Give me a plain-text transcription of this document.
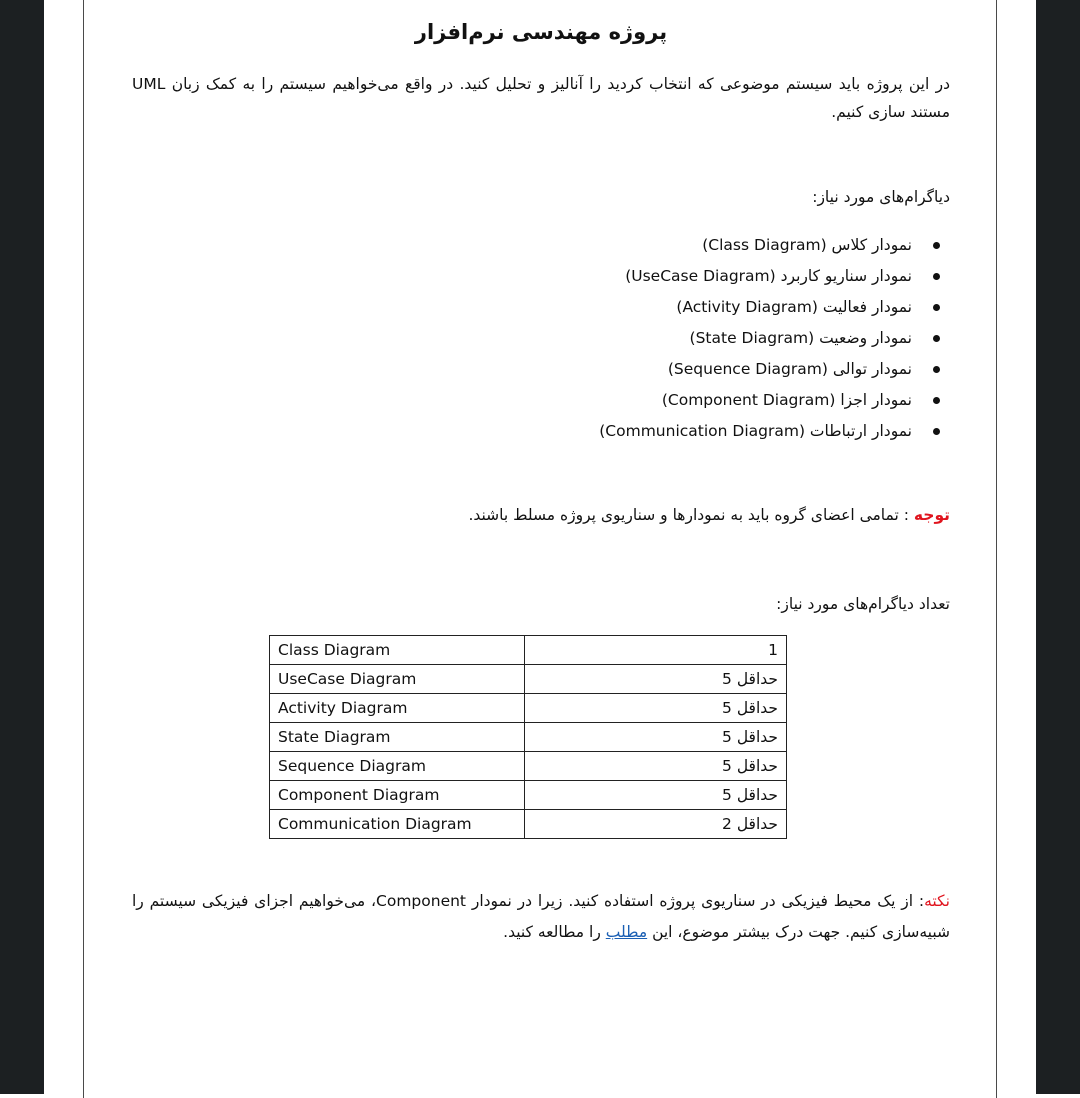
پروژه مهندسی نرم‌افزار
در این پروژه باید سیستم موضوعی که انتخاب کردید را آنالیز و تحلیل کنید. در واقع می‌خواهیم سیستم را به کمک زبان UML مستند سازی کنیم.
دیاگرام‌های مورد نیاز:
نمودار کلاس (Class Diagram)
نمودار سناریو کاربرد (UseCase Diagram)
نمودار فعالیت (Activity Diagram)
نمودار وضعیت (State Diagram)
نمودار توالی (Sequence Diagram)
نمودار اجزا (Component Diagram)
نمودار ارتباطات (Communication Diagram)
توجه : تمامی اعضای گروه باید به نمودارها و سناریوی پروژه مسلط باشند.
تعداد دیاگرام‌های مورد نیاز:
Class Diagram	1
UseCase Diagram	حداقل 5
Activity Diagram	حداقل 5
State Diagram	حداقل 5
Sequence Diagram	حداقل 5
Component Diagram	حداقل 5
Communication Diagram	حداقل 2
نکته: از یک محیط فیزیکی در سناریوی پروژه استفاده کنید. زیرا در نمودار Component، می‌خواهیم اجزای فیزیکی سیستم را شبیه‌سازی کنیم. جهت درک بیشتر موضوع، این مطلب را مطالعه کنید.
